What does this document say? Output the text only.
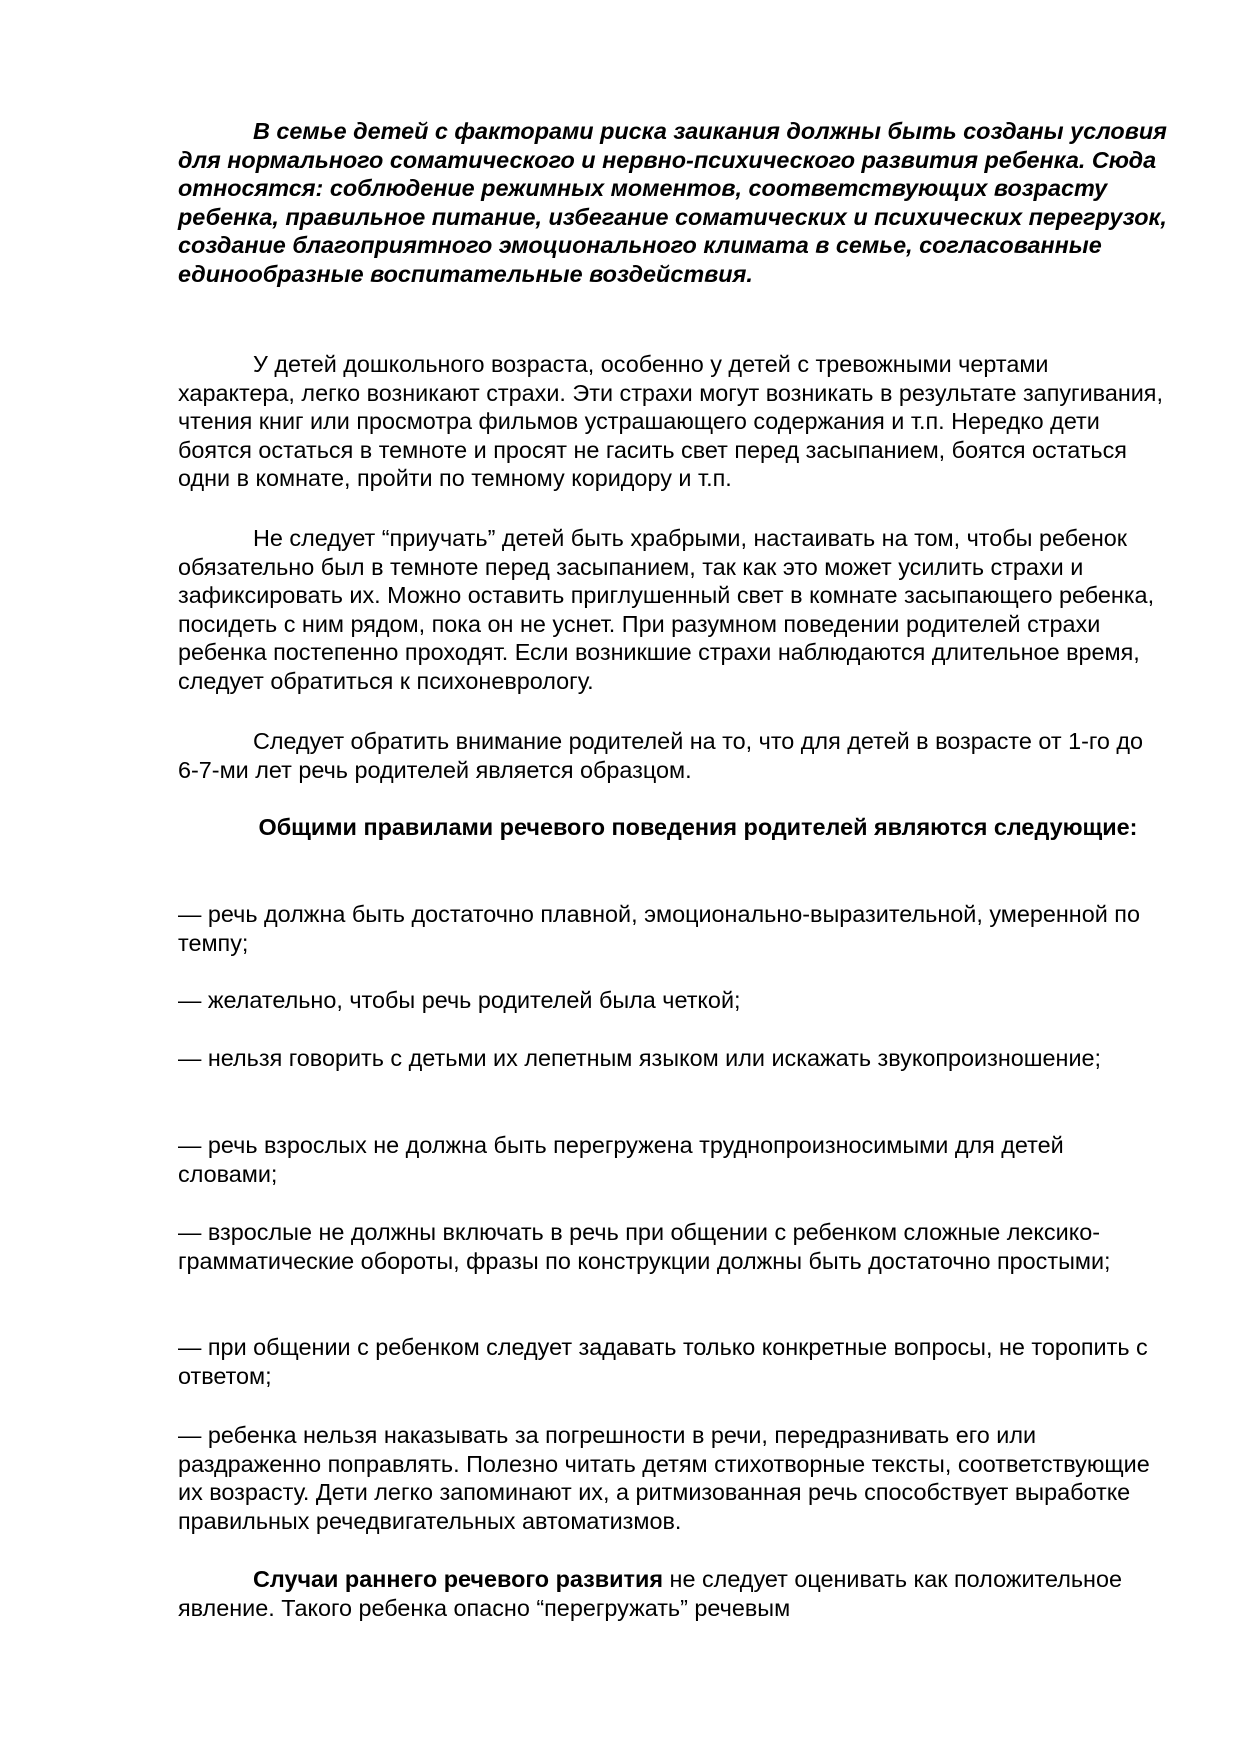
В семье детей с факторами риска заикания должны быть созданы условия для нормального соматического и нервно-психического развития ребенка. Сюда относятся: соблюдение режимных моментов, соответствующих возрасту ребенка, правильное питание, избегание соматических и психических перегрузок, создание благоприятного эмоционального климата в семье, согласованные единообразные воспитательные воздействия.

У детей дошкольного возраста, особенно у детей с тревожными чертами характера, легко возникают страхи. Эти страхи могут возникать в результате запугивания, чтения книг или просмотра фильмов устрашающего содержания и т.п. Нередко дети боятся остаться в темноте и просят не гасить свет перед засыпанием, боятся остаться одни в комнате, пройти по темному коридору и т.п.

Не следует “приучать” детей быть храбрыми, настаивать на том, чтобы ребенок обязательно был в темноте перед засыпанием, так как это может усилить страхи и зафиксировать их. Можно оставить приглушенный свет в комнате засыпающего ребенка, посидеть с ним рядом, пока он не уснет. При разумном поведении родителей страхи ребенка постепенно проходят. Если возникшие страхи наблюдаются длительное время, следует обратиться к психоневрологу.

Следует обратить внимание родителей на то, что для детей в возрасте от 1-го до 6-7-ми лет речь родителей является образцом.

Общими правилами речевого поведения родителей являются следующие:

— речь должна быть достаточно плавной, эмоционально-выразительной, умеренной по темпу;

— желательно, чтобы речь родителей была четкой;

— нельзя говорить с детьми их лепетным языком или искажать звукопроизношение;

— речь взрослых не должна быть перегружена труднопроизносимыми для детей словами;

— взрослые не должны включать в речь при общении с ребенком сложные лексико-грамматические обороты, фразы по конструкции должны быть достаточно простыми;

— при общении с ребенком следует задавать только конкретные вопросы, не торопить с ответом;

— ребенка нельзя наказывать за погрешности в речи, передразнивать его или раздраженно поправлять. Полезно читать детям стихотворные тексты, соответствующие их возрасту. Дети легко запоминают их, а ритмизованная речь способствует выработке правильных речедвигательных автоматизмов.

Случаи раннего речевого развития не следует оценивать как положительное явление. Такого ребенка опасно “перегружать” речевым
